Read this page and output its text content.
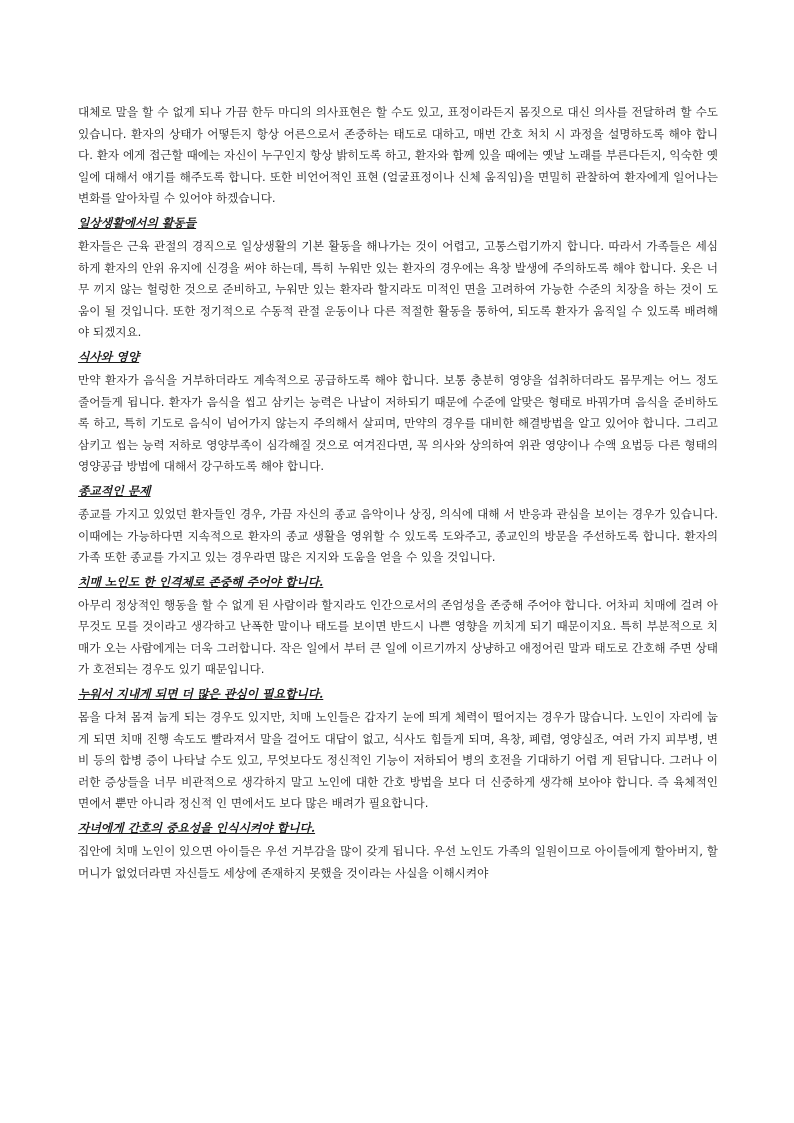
대체로 말을 할 수 없게 되나 가끔 한두 마디의 의사표현은 할 수도 있고, 표정이라든지 몸짓으로 대신 의사를 전달하려 할 수도 있습니다. 환자의 상태가 어떻든지 항상 어른으로서 존중하는 태도로 대하고, 매번 간호 처치 시 과정을 설명하도록 해야 합니다. 환자 에게 접근할 때에는 자신이 누구인지 항상 밝히도록 하고, 환자와 함께 있을 때에는 옛날 노래를 부른다든지, 익숙한 옛일에 대해서 얘기를 해주도록 합니다. 또한 비언어적인 표현 (얼굴표정이나 신체 움직임)을 면밀히 관찰하여 환자에게 일어나는 변화를 알아차릴 수 있어야 하겠습니다.

일상생활에서의 활동들

환자들은 근육 관절의 경직으로 일상생활의 기본 활동을 해나가는 것이 어렵고, 고통스럽기까지 합니다. 따라서 가족들은 세심하게 환자의 안위 유지에 신경을 써야 하는데, 특히 누워만 있는 환자의 경우에는 욕창 발생에 주의하도록 해야 합니다. 옷은 너무 끼지 않는 헐렁한 것으로 준비하고, 누워만 있는 환자라 할지라도 미적인 면을 고려하여 가능한 수준의 치장을 하는 것이 도움이 될 것입니다. 또한 정기적으로 수동적 관절 운동이나 다른 적절한 활동을 통하여, 되도록 환자가 움직일 수 있도록 배려해야 되겠지요.

식사와 영양

만약 환자가 음식을 거부하더라도 계속적으로 공급하도록 해야 합니다. 보통 충분히 영양을 섭취하더라도 몸무게는 어느 정도 줄어들게 됩니다. 환자가 음식을 씹고 삼키는 능력은 나날이 저하되기 때문에 수준에 알맞은 형태로 바꿔가며 음식을 준비하도록 하고, 특히 기도로 음식이 넘어가지 않는지 주의해서 살피며, 만약의 경우를 대비한 해결방법을 알고 있어야 합니다. 그리고 삼키고 씹는 능력 저하로 영양부족이 심각해질 것으로 여겨진다면, 꼭 의사와 상의하여 위관 영양이나 수액 요법등 다른 형태의 영양공급 방법에 대해서 강구하도록 해야 합니다.

종교적인 문제

종교를 가지고 있었던 환자들인 경우, 가끔 자신의 종교 음악이나 상징, 의식에 대해 서 반응과 관심을 보이는 경우가 있습니다. 이때에는 가능하다면 지속적으로 환자의 종교 생활을 영위할 수 있도록 도와주고, 종교인의 방문을 주선하도록 합니다. 환자의 가족 또한 종교를 가지고 있는 경우라면 많은 지지와 도움을 얻을 수 있을 것입니다.

치매 노인도 한 인격체로 존중해 주어야 합니다.

아무리 정상적인 행동을 할 수 없게 된 사람이라 할지라도 인간으로서의 존엄성을 존중해 주어야 합니다. 어차피 치매에 걸려 아무것도 모를 것이라고 생각하고 난폭한 말이나 태도를 보이면 반드시 나쁜 영향을 끼치게 되기 때문이지요. 특히 부분적으로 치매가 오는 사람에게는 더욱 그러합니다. 작은 일에서 부터 큰 일에 이르기까지 상냥하고 애정어린 말과 태도로 간호해 주면 상태가 호전되는 경우도 있기 때문입니다.

누워서 지내게 되면 더 많은 관심이 필요합니다.

몸을 다쳐 몸져 눕게 되는 경우도 있지만, 치매 노인들은 갑자기 눈에 띄게 체력이 떨어지는 경우가 많습니다. 노인이 자리에 눕게 되면 치매 진행 속도도 빨라져서 말을 걸어도 대답이 없고, 식사도 힘들게 되며, 욕창, 폐렴, 영양실조, 여러 가지 피부병, 변비 등의 합병 증이 나타날 수도 있고, 무엇보다도 정신적인 기능이 저하되어 병의 호전을 기대하기 어렵 게 된답니다. 그러나 이러한 증상들을 너무 비관적으로 생각하지 말고 노인에 대한 간호 방법을 보다 더 신중하게 생각해 보아야 합니다. 즉 육체적인 면에서 뿐만 아니라 정신적 인 면에서도 보다 많은 배려가 필요합니다.

자녀에게 간호의 중요성을 인식시켜야 합니다.

집안에 치매 노인이 있으면 아이들은 우선 거부감을 많이 갖게 됩니다. 우선 노인도 가족의 일원이므로 아이들에게 할아버지, 할머니가 없었더라면 자신들도 세상에 존재하지 못했을 것이라는 사실을 이해시켜야
